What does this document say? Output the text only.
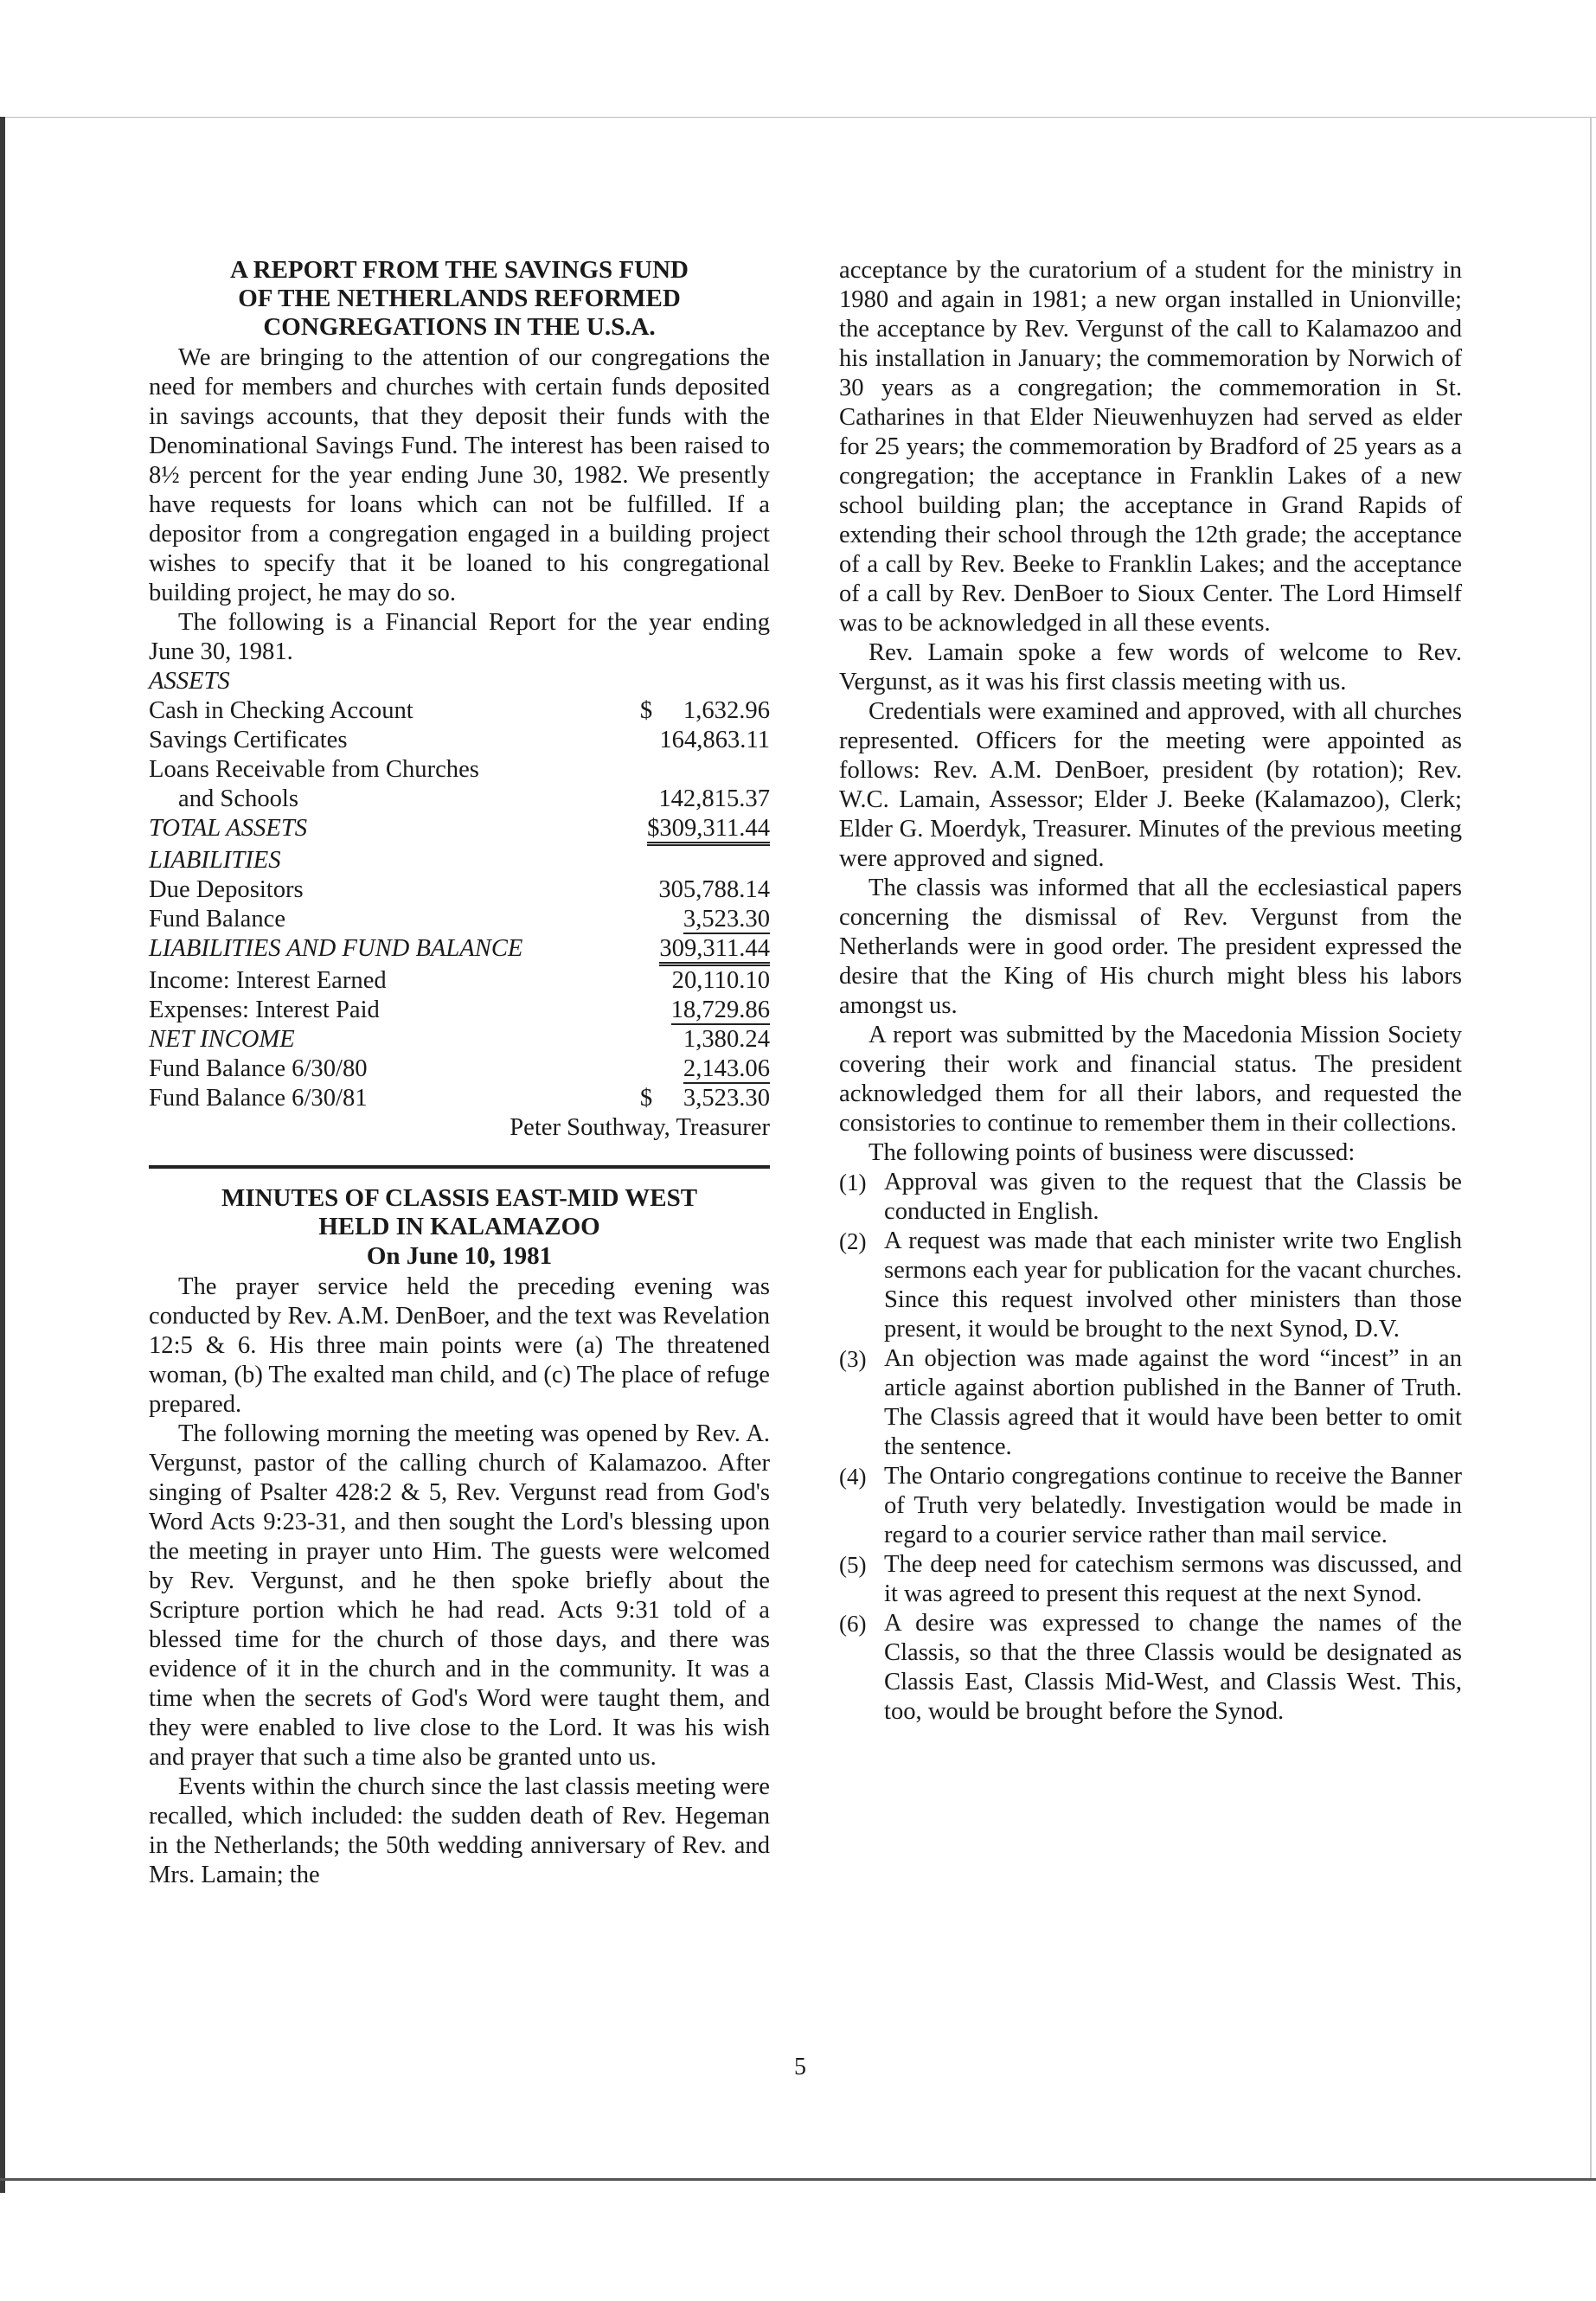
A REPORT FROM THE SAVINGS FUND
OF THE NETHERLANDS REFORMED
CONGREGATIONS IN THE U.S.A.

We are bringing to the attention of our congregations the need for members and churches with certain funds deposited in savings accounts, that they deposit their funds with the Denominational Savings Fund. The interest has been raised to 8½ percent for the year ending June 30, 1982. We presently have requests for loans which can not be fulfilled. If a depositor from a congregation engaged in a building project wishes to specify that it be loaned to his congregational building project, he may do so.

The following is a Financial Report for the year ending June 30, 1981.

ASSETS
Cash in Checking Account	$ 1,632.96
Savings Certificates	164,863.11
Loans Receivable from Churches
and Schools	142,815.37
TOTAL ASSETS	$309,311.44
LIABILITIES
Due Depositors	305,788.14
Fund Balance	3,523.30
LIABILITIES AND FUND BALANCE	309,311.44
Income: Interest Earned	20,110.10
Expenses: Interest Paid	18,729.86
NET INCOME	1,380.24
Fund Balance 6/30/80	2,143.06
Fund Balance 6/30/81	$ 3,523.30
Peter Southway, Treasurer
MINUTES OF CLASSIS EAST-MID WEST
HELD IN KALAMAZOO
On June 10, 1981

The prayer service held the preceding evening was conducted by Rev. A.M. DenBoer, and the text was Revelation 12:5 & 6. His three main points were (a) The threatened woman, (b) The exalted man child, and (c) The place of refuge prepared.

The following morning the meeting was opened by Rev. A. Vergunst, pastor of the calling church of Kalamazoo. After singing of Psalter 428:2 & 5, Rev. Vergunst read from God's Word Acts 9:23-31, and then sought the Lord's blessing upon the meeting in prayer unto Him. The guests were welcomed by Rev. Vergunst, and he then spoke briefly about the Scripture portion which he had read. Acts 9:31 told of a blessed time for the church of those days, and there was evidence of it in the church and in the community. It was a time when the secrets of God's Word were taught them, and they were enabled to live close to the Lord. It was his wish and prayer that such a time also be granted unto us.

Events within the church since the last classis meeting were recalled, which included: the sudden death of Rev. Hegeman in the Netherlands; the 50th wedding anniversary of Rev. and Mrs. Lamain; the

acceptance by the curatorium of a student for the ministry in 1980 and again in 1981; a new organ installed in Unionville; the acceptance by Rev. Vergunst of the call to Kalamazoo and his installation in January; the commemoration by Norwich of 30 years as a congregation; the commemoration in St. Catharines in that Elder Nieuwenhuyzen had served as elder for 25 years; the commemoration by Bradford of 25 years as a congregation; the acceptance in Franklin Lakes of a new school building plan; the acceptance in Grand Rapids of extending their school through the 12th grade; the acceptance of a call by Rev. Beeke to Franklin Lakes; and the acceptance of a call by Rev. DenBoer to Sioux Center. The Lord Himself was to be acknowledged in all these events.

Rev. Lamain spoke a few words of welcome to Rev. Vergunst, as it was his first classis meeting with us.

Credentials were examined and approved, with all churches represented. Officers for the meeting were appointed as follows: Rev. A.M. DenBoer, president (by rotation); Rev. W.C. Lamain, Assessor; Elder J. Beeke (Kalamazoo), Clerk; Elder G. Moerdyk, Treasurer. Minutes of the previous meeting were approved and signed.

The classis was informed that all the ecclesiastical papers concerning the dismissal of Rev. Vergunst from the Netherlands were in good order. The president expressed the desire that the King of His church might bless his labors amongst us.

A report was submitted by the Macedonia Mission Society covering their work and financial status. The president acknowledged them for all their labors, and requested the consistories to continue to remember them in their collections.

The following points of business were discussed:

(1) Approval was given to the request that the Classis be conducted in English.
(2) A request was made that each minister write two English sermons each year for publication for the vacant churches. Since this request involved other ministers than those present, it would be brought to the next Synod, D.V.
(3) An objection was made against the word “incest” in an article against abortion published in the Banner of Truth. The Classis agreed that it would have been better to omit the sentence.
(4) The Ontario congregations continue to receive the Banner of Truth very belatedly. Investigation would be made in regard to a courier service rather than mail service.
(5) The deep need for catechism sermons was discussed, and it was agreed to present this request at the next Synod.
(6) A desire was expressed to change the names of the Classis, so that the three Classis would be designated as Classis East, Classis Mid-West, and Classis West. This, too, would be brought before the Synod.
5
